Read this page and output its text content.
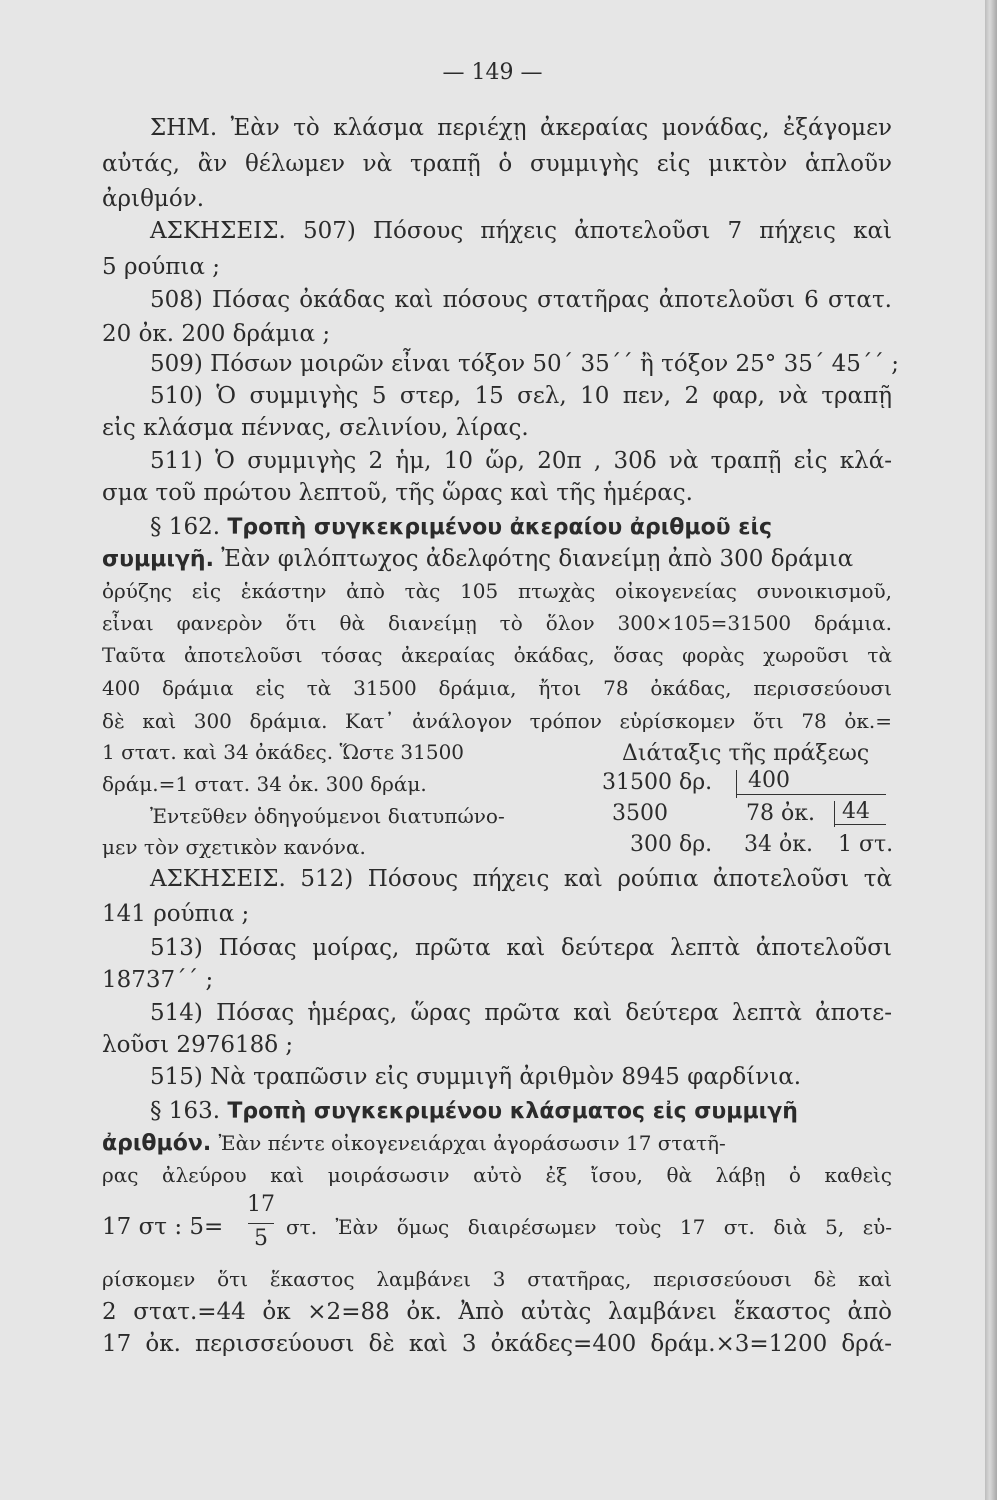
— 149 —
ΣΗΜ. Ἐὰν τὸ κλάσμα περιέχῃ ἀκεραίας μονάδας, ἐξάγομεν
αὐτάς, ἂν θέλωμεν νὰ τραπῇ ὁ συμμιγὴς εἰς μικτὸν ἁπλοῦν
ἀριθμόν.
ΑΣΚΗΣΕΙΣ. 507) Πόσους πήχεις ἀποτελοῦσι 7 πήχεις καὶ
5 ρούπια ;
508) Πόσας ὀκάδας καὶ πόσους στατῆρας ἀποτελοῦσι 6 στατ.
20 ὀκ. 200 δράμια ;
509) Πόσων μοιρῶν εἶναι τόξον 50΄ 35΄΄ ἢ τόξον 25° 35΄ 45΄΄ ;
510) Ὁ συμμιγὴς 5 στερ, 15 σελ, 10 πεν, 2 φαρ, νὰ τραπῇ
εἰς κλάσμα πέννας, σελινίου, λίρας.
511) Ὁ συμμιγὴς 2 ἡμ, 10 ὥρ, 20π , 30δ νὰ τραπῇ εἰς κλά-
σμα τοῦ πρώτου λεπτοῦ, τῆς ὥρας καὶ τῆς ἡμέρας.
§ 162. Τροπὴ συγκεκριμένου ἀκεραίου ἀριθμοῦ εἰς
συμμιγῆ. Ἐὰν φιλόπτωχος ἀδελφότης διανείμῃ ἀπὸ 300 δράμια
ὀρύζης εἰς ἑκάστην ἀπὸ τὰς 105 πτωχὰς οἰκογενείας συνοικισμοῦ,
εἶναι φανερὸν ὅτι θὰ διανείμῃ τὸ ὅλον 300×105=31500 δράμια.
Ταῦτα ἀποτελοῦσι τόσας ἀκεραίας ὀκάδας, ὅσας φορὰς χωροῦσι τὰ
400 δράμια εἰς τὰ 31500 δράμια, ἤτοι 78 ὀκάδας, περισσεύουσι
δὲ καὶ 300 δράμια. Κατ᾽ ἀνάλογον τρόπον εὑρίσκομεν ὅτι 78 ὀκ.=
1 στατ. καὶ 34 ὀκάδες. Ὥστε 31500
δράμ.=1 στατ. 34 ὀκ. 300 δράμ.
Ἐντεῦθεν ὁδηγούμενοι διατυπώνο-
μεν τὸν σχετικὸν κανόνα.
Διάταξις τῆς πράξεως
31500 δρ. 400
3500	78 ὀκ. 44
300 δρ. 34 ὀκ. 1 στ.
ΑΣΚΗΣΕΙΣ. 512) Πόσους πήχεις καὶ ρούπια ἀποτελοῦσι τὰ
141 ρούπια ;
513) Πόσας μοίρας, πρῶτα καὶ δεύτερα λεπτὰ ἀποτελοῦσι
18737΄΄ ;
514) Πόσας ἡμέρας, ὥρας πρῶτα καὶ δεύτερα λεπτὰ ἀποτε-
λοῦσι 297618δ ;
515) Νὰ τραπῶσιν εἰς συμμιγῆ ἀριθμὸν 8945 φαρδίνια.
§ 163. Τροπὴ συγκεκριμένου κλάσματος εἰς συμμιγῆ
ἀριθμόν. Ἐὰν πέντε οἰκογενειάρχαι ἀγοράσωσιν 17 στατῆ-
ρας ἀλεύρου καὶ μοιράσωσιν αὐτὸ ἐξ ἴσου, θὰ λάβῃ ὁ καθεὶς
17 στ : 5=
17
5 στ. Ἐὰν ὅμως διαιρέσωμεν τοὺς 17 στ. διὰ 5, εὑ-
ρίσκομεν ὅτι ἕκαστος λαμβάνει 3 στατῆρας, περισσεύουσι δὲ καὶ
2 στατ.=44 ὀκ ×2=88 ὀκ. Ἀπὸ αὐτὰς λαμβάνει ἕκαστος ἀπὸ
17 ὀκ. περισσεύουσι δὲ καὶ 3 ὀκάδες=400 δράμ.×3=1200 δρά-
